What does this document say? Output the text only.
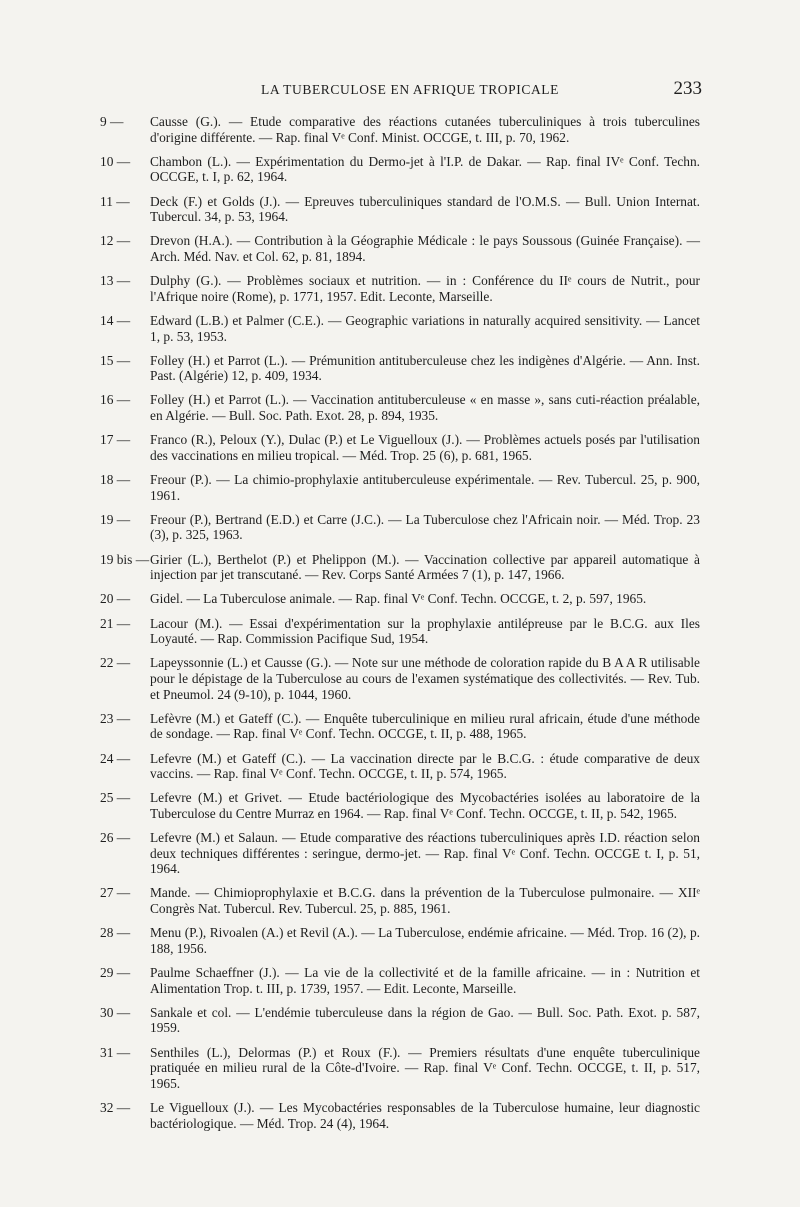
LA TUBERCULOSE EN AFRIQUE TROPICALE	233
9 — Causse (G.). — Etude comparative des réactions cutanées tuberculiniques à trois tuberculines d'origine différente. — Rap. final Vᵉ Conf. Minist. OCCGE, t. III, p. 70, 1962.
10 — Chambon (L.). — Expérimentation du Dermo-jet à l'I.P. de Dakar. — Rap. final IVᵉ Conf. Techn. OCCGE, t. I, p. 62, 1964.
11 — Deck (F.) et Golds (J.). — Epreuves tuberculiniques standard de l'O.M.S. — Bull. Union Internat. Tubercul. 34, p. 53, 1964.
12 — Drevon (H.A.). — Contribution à la Géographie Médicale : le pays Soussous (Guinée Française). — Arch. Méd. Nav. et Col. 62, p. 81, 1894.
13 — Dulphy (G.). — Problèmes sociaux et nutrition. — in : Conférence du IIᵉ cours de Nutrit., pour l'Afrique noire (Rome), p. 1771, 1957. Edit. Leconte, Marseille.
14 — Edward (L.B.) et Palmer (C.E.). — Geographic variations in naturally acquired sensitivity. — Lancet 1, p. 53, 1953.
15 — Folley (H.) et Parrot (L.). — Prémunition antituberculeuse chez les indigènes d'Algérie. — Ann. Inst. Past. (Algérie) 12, p. 409, 1934.
16 — Folley (H.) et Parrot (L.). — Vaccination antituberculeuse « en masse », sans cuti-réaction préalable, en Algérie. — Bull. Soc. Path. Exot. 28, p. 894, 1935.
17 — Franco (R.), Peloux (Y.), Dulac (P.) et Le Viguelloux (J.). — Problèmes actuels posés par l'utilisation des vaccinations en milieu tropical. — Méd. Trop. 25 (6), p. 681, 1965.
18 — Freour (P.). — La chimio-prophylaxie antituberculeuse expérimentale. — Rev. Tubercul. 25, p. 900, 1961.
19 — Freour (P.), Bertrand (E.D.) et Carre (J.C.). — La Tuberculose chez l'Africain noir. — Méd. Trop. 23 (3), p. 325, 1963.
19 bis — Girier (L.), Berthelot (P.) et Phelippon (M.). — Vaccination collective par appareil automatique à injection par jet transcutané. — Rev. Corps Santé Armées 7 (1), p. 147, 1966.
20 — Gidel. — La Tuberculose animale. — Rap. final Vᵉ Conf. Techn. OCCGE, t. 2, p. 597, 1965.
21 — Lacour (M.). — Essai d'expérimentation sur la prophylaxie antilépreuse par le B.C.G. aux Iles Loyauté. — Rap. Commission Pacifique Sud, 1954.
22 — Lapeyssonnie (L.) et Causse (G.). — Note sur une méthode de coloration rapide du B A A R utilisable pour le dépistage de la Tuberculose au cours de l'examen systématique des collectivités. — Rev. Tub. et Pneumol. 24 (9-10), p. 1044, 1960.
23 — Lefèvre (M.) et Gateff (C.). — Enquête tuberculinique en milieu rural africain, étude d'une méthode de sondage. — Rap. final Vᵉ Conf. Techn. OCCGE, t. II, p. 488, 1965.
24 — Lefevre (M.) et Gateff (C.). — La vaccination directe par le B.C.G. : étude comparative de deux vaccins. — Rap. final Vᵉ Conf. Techn. OCCGE, t. II, p. 574, 1965.
25 — Lefevre (M.) et Grivet. — Etude bactériologique des Mycobactéries isolées au laboratoire de la Tuberculose du Centre Murraz en 1964. — Rap. final Vᵉ Conf. Techn. OCCGE, t. II, p. 542, 1965.
26 — Lefevre (M.) et Salaun. — Etude comparative des réactions tuberculiniques après I.D. réaction selon deux techniques différentes : seringue, dermo-jet. — Rap. final Vᵉ Conf. Techn. OCCGE t. I, p. 51, 1964.
27 — Mande. — Chimioprophylaxie et B.C.G. dans la prévention de la Tuberculose pulmonaire. — XIIᵉ Congrès Nat. Tubercul. Rev. Tubercul. 25, p. 885, 1961.
28 — Menu (P.), Rivoalen (A.) et Revil (A.). — La Tuberculose, endémie africaine. — Méd. Trop. 16 (2), p. 188, 1956.
29 — Paulme Schaeffner (J.). — La vie de la collectivité et de la famille africaine. — in : Nutrition et Alimentation Trop. t. III, p. 1739, 1957. — Edit. Leconte, Marseille.
30 — Sankale et col. — L'endémie tuberculeuse dans la région de Gao. — Bull. Soc. Path. Exot. p. 587, 1959.
31 — Senthiles (L.), Delormas (P.) et Roux (F.). — Premiers résultats d'une enquête tuberculinique pratiquée en milieu rural de la Côte-d'Ivoire. — Rap. final Vᵉ Conf. Techn. OCCGE, t. II, p. 517, 1965.
32 — Le Viguelloux (J.). — Les Mycobactéries responsables de la Tuberculose humaine, leur diagnostic bactériologique. — Méd. Trop. 24 (4), 1964.
